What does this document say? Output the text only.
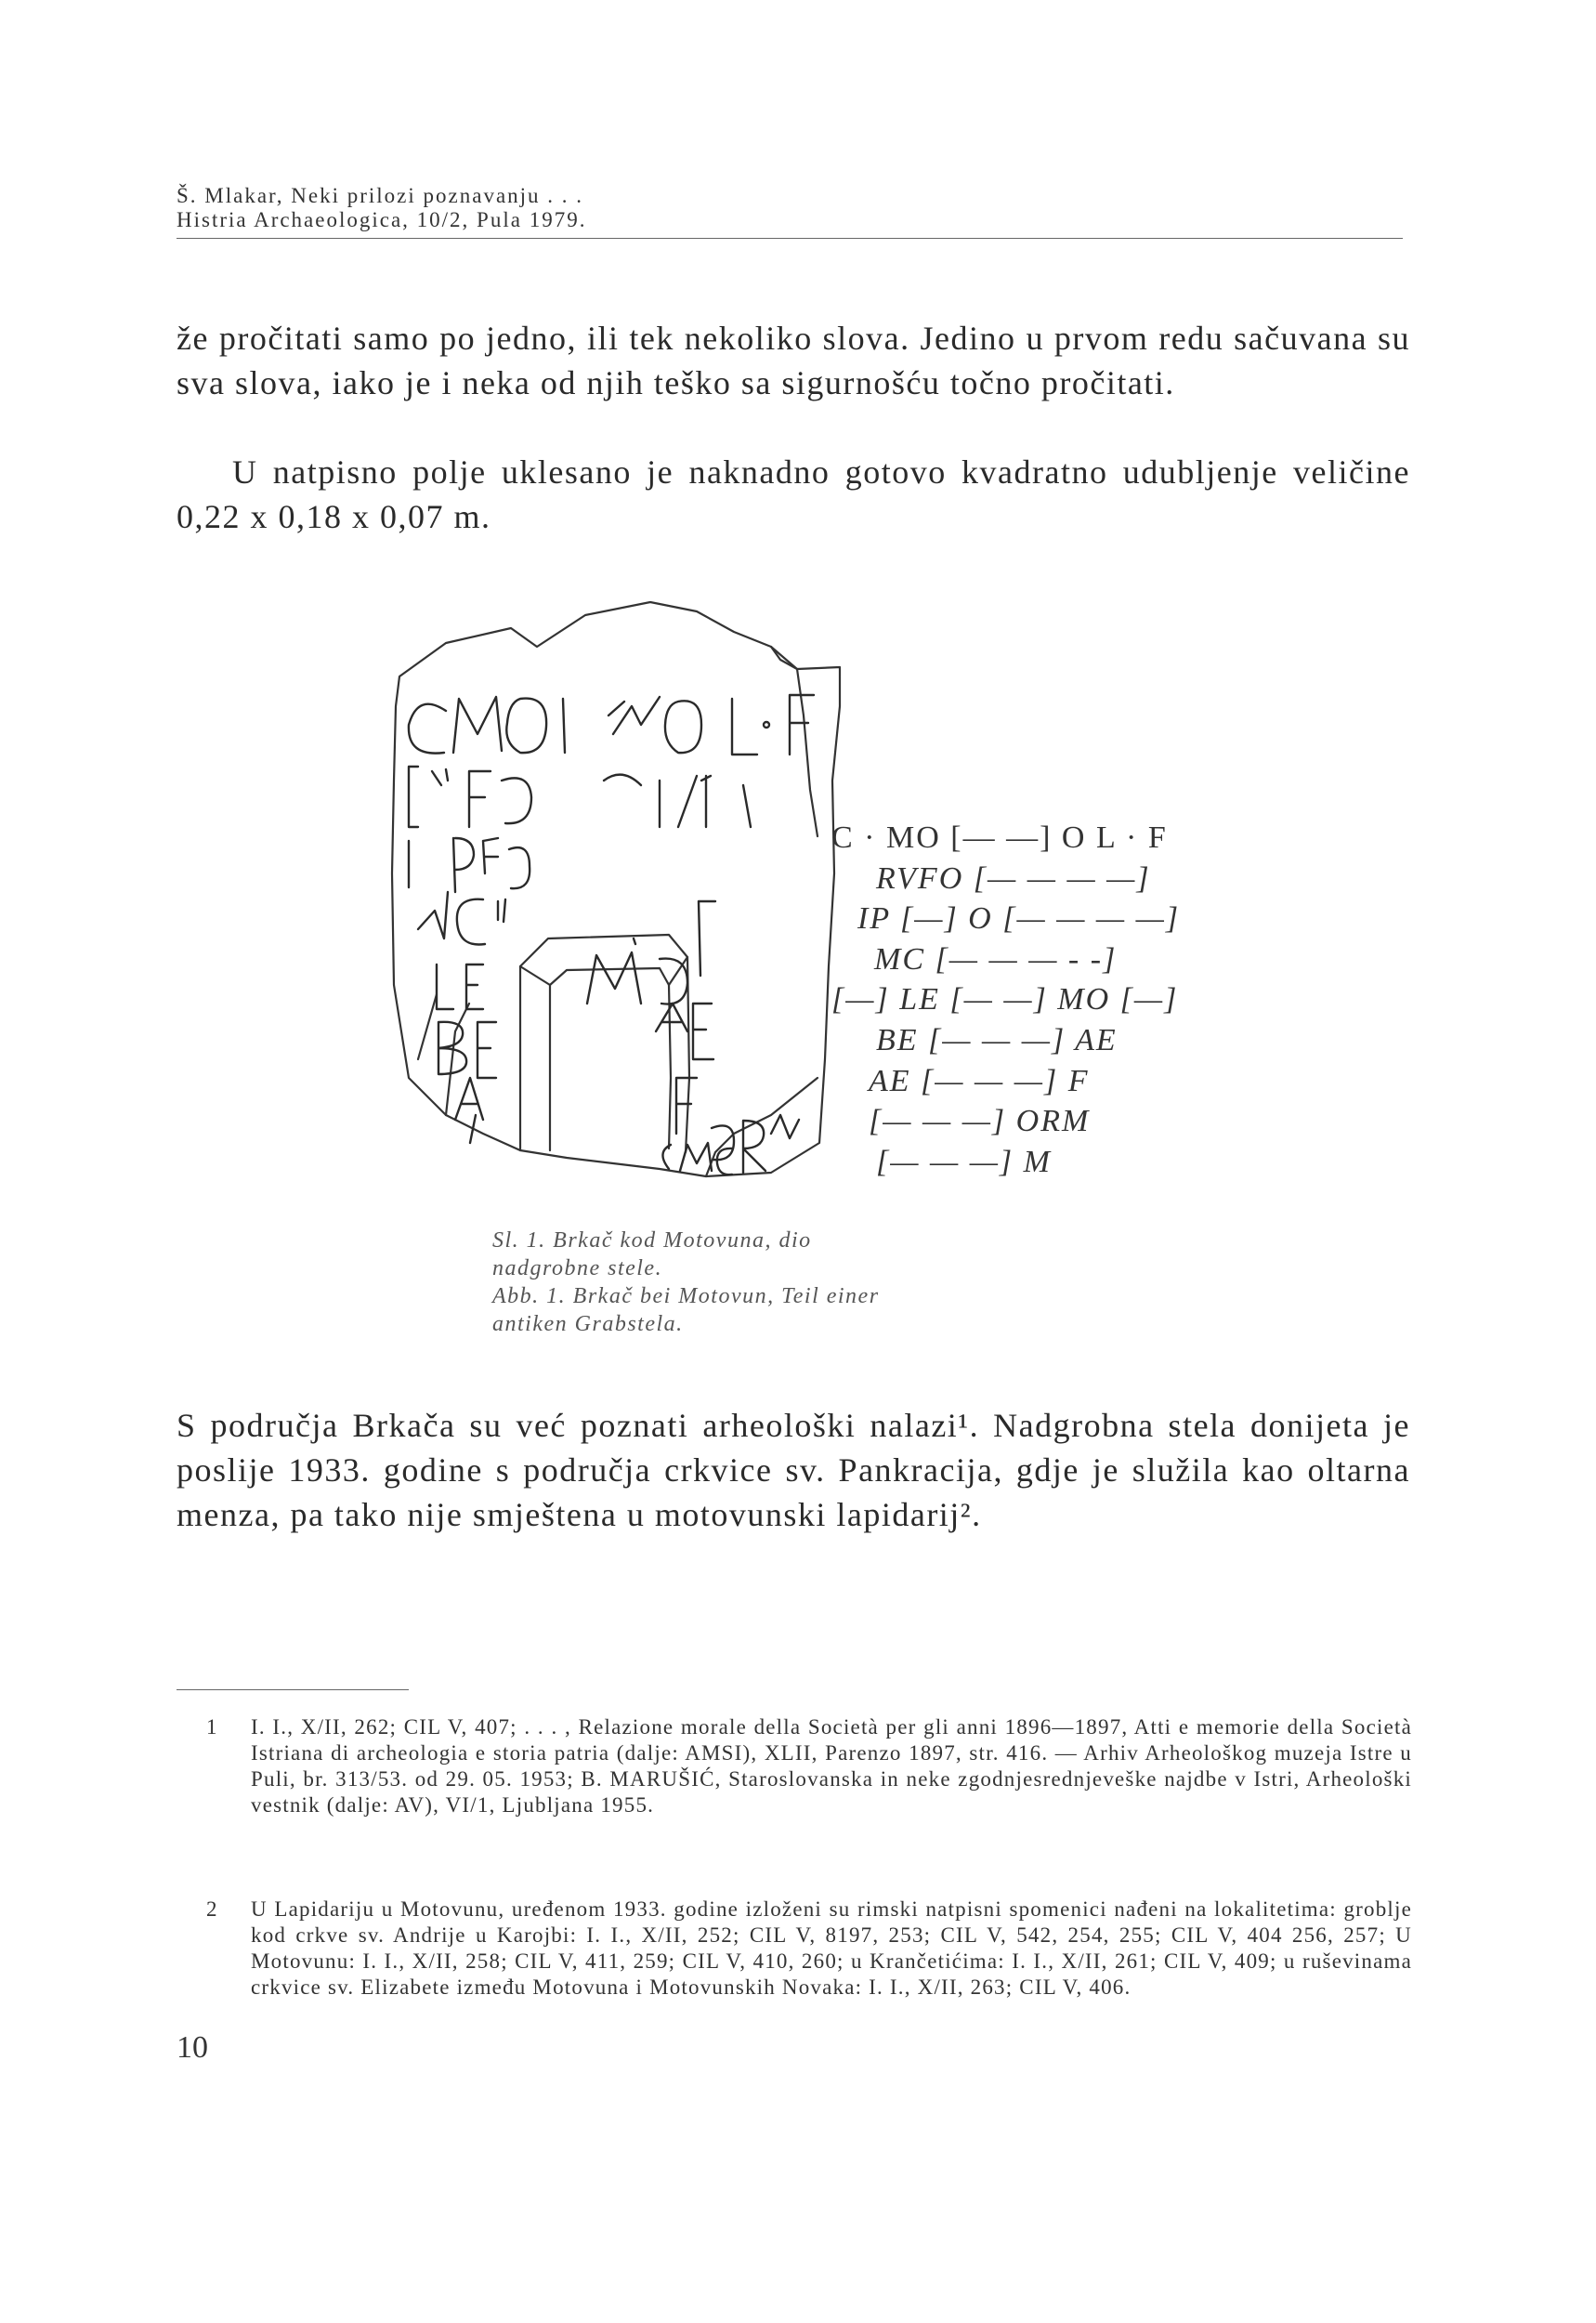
Š. Mlakar, Neki prilozi poznavanju . . .
Histria Archaeologica, 10/2, Pula 1979.

že pročitati samo po jedno, ili tek nekoliko slova. Jedino u prvom redu sačuvana su sva slova, iako je i neka od njih teško sa sigurnošću točno pročitati.

U natpisno polje uklesano je naknadno gotovo kvadratno udubljenje veličine 0,22 x 0,18 x 0,07 m.

C · MO [— —] O L · F
RVFO [— — — —]
IP [—] O [— — — —]
MC [— — — - -]
[—] LE [— —] MO [—]
BE [— — —] AE
AE [— — —] F
[— — —] ORM
[— — —] M
Sl. 1. Brkač kod Motovuna, dio nadgrobne stele.
Abb. 1. Brkač bei Motovun, Teil einer antiken Grabstela.

S područja Brkača su već poznati arheološki nalazi¹. Nadgrobna stela donijeta je poslije 1933. godine s područja crkvice sv. Pankracija, gdje je služila kao oltarna menza, pa tako nije smještena u motovunski lapidarij².

1 I. I., X/II, 262; CIL V, 407; . . . , Relazione morale della Società per gli anni 1896—1897, Atti e memorie della Società Istriana di archeologia e storia patria (dalje: AMSI), XLII, Parenzo 1897, str. 416. — Arhiv Arheološkog muzeja Istre u Puli, br. 313/53. od 29. 05. 1953; B. MARUŠIĆ, Staroslovanska in neke zgodnjesrednjeveške najdbe v Istri, Arheološki vestnik (dalje: AV), VI/1, Ljubljana 1955.
2 U Lapidariju u Motovunu, uređenom 1933. godine izloženi su rimski natpisni spomenici nađeni na lokalitetima: groblje kod crkve sv. Andrije u Karojbi: I. I., X/II, 252; CIL V, 8197, 253; CIL V, 542, 254, 255; CIL V, 404 256, 257; U Motovunu: I. I., X/II, 258; CIL V, 411, 259; CIL V, 410, 260; u Krančetićima: I. I., X/II, 261; CIL V, 409; u ruševinama crkvice sv. Elizabete između Motovuna i Motovunskih Novaka: I. I., X/II, 263; CIL V, 406.
10
